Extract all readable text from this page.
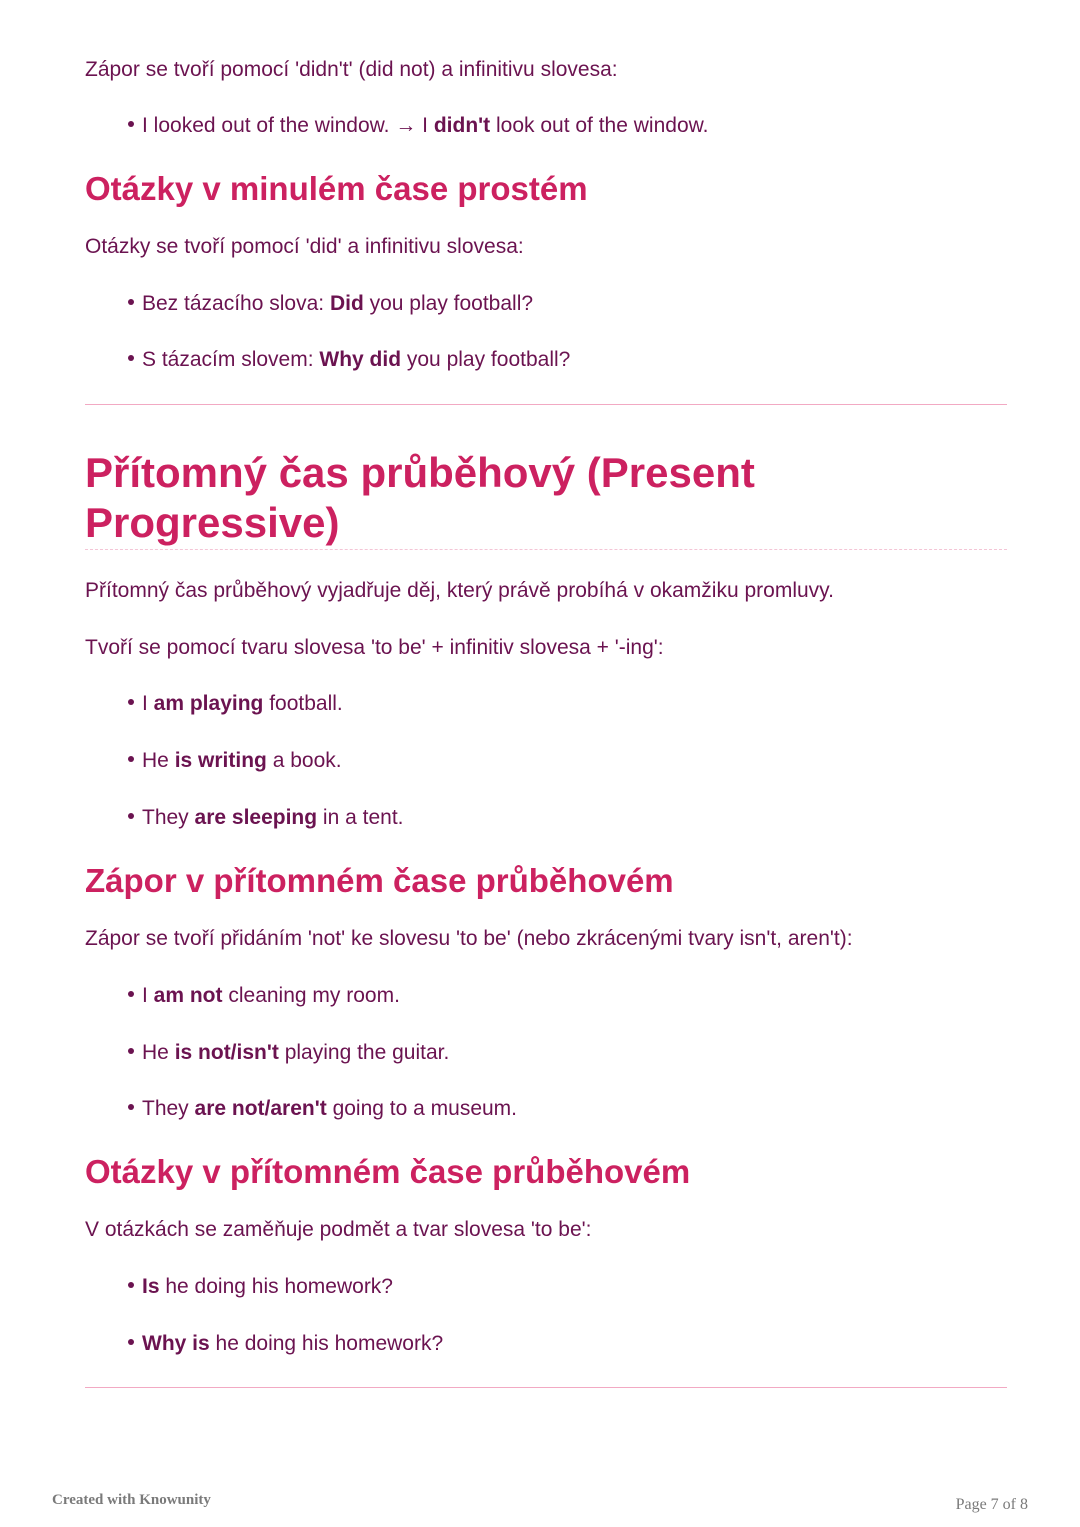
Zápor se tvoří pomocí 'didn't' (did not) a infinitivu slovesa:

I looked out of the window. → I didn't look out of the window.
Otázky v minulém čase prostém

Otázky se tvoří pomocí 'did' a infinitivu slovesa:

Bez tázacího slova: Did you play football?
S tázacím slovem: Why did you play football?
Přítomný čas průběhový (Present
Progressive)

Přítomný čas průběhový vyjadřuje děj, který právě probíhá v okamžiku promluvy.

Tvoří se pomocí tvaru slovesa 'to be' + infinitiv slovesa + '-ing':

I am playing football.
He is writing a book.
They are sleeping in a tent.
Zápor v přítomném čase průběhovém

Zápor se tvoří přidáním 'not' ke slovesu 'to be' (nebo zkrácenými tvary isn't, aren't):

I am not cleaning my room.
He is not/isn't playing the guitar.
They are not/aren't going to a museum.
Otázky v přítomném čase průběhovém

V otázkách se zaměňuje podmět a tvar slovesa 'to be':

Is he doing his homework?
Why is he doing his homework?
Created with Knowunity	Page 7 of 8
